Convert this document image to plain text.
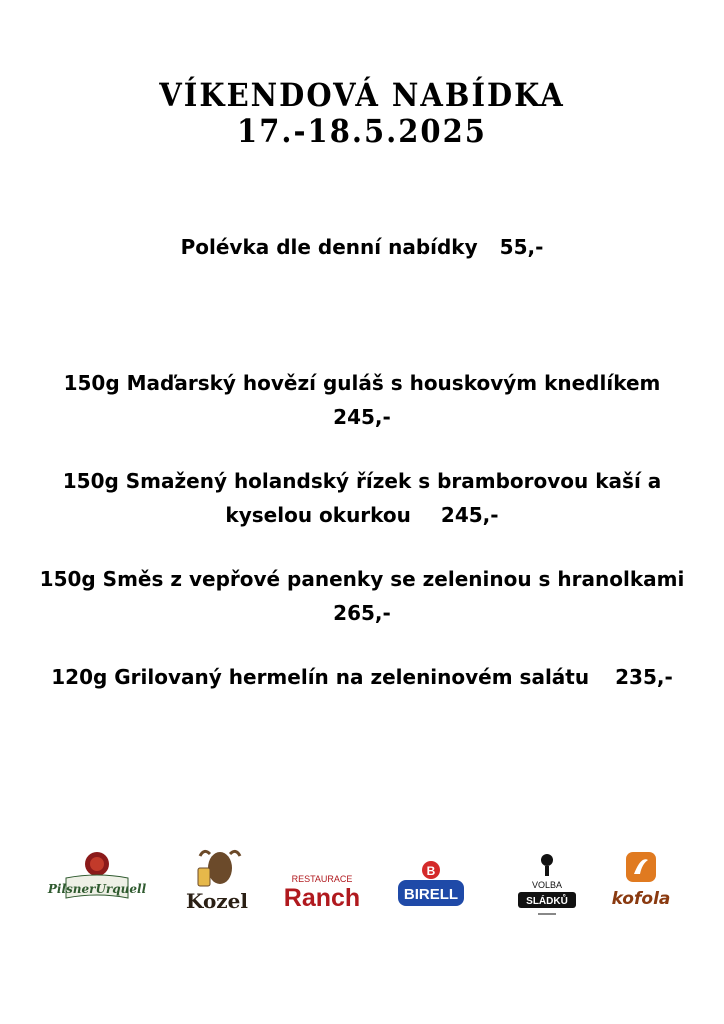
VÍKENDOVÁ NABÍDKA
17.-18.5.2025
Polévka dle denní nabídky 55,-
150g Maďarský hovězí guláš s houskovým knedlíkem
245,-
150g Smažený holandský řízek s bramborovou kaší a
kyselou okurkou 245,-
150g Směs z vepřové panenky se zeleninou s hranolkami
265,-
120g Grilovaný hermelín na zeleninovém salátu 235,-
PilsnerUrquell Kozel
RESTAURACE
Ranch
B
BIRELL
VOLBA
SLÁDKŮ	kofola
